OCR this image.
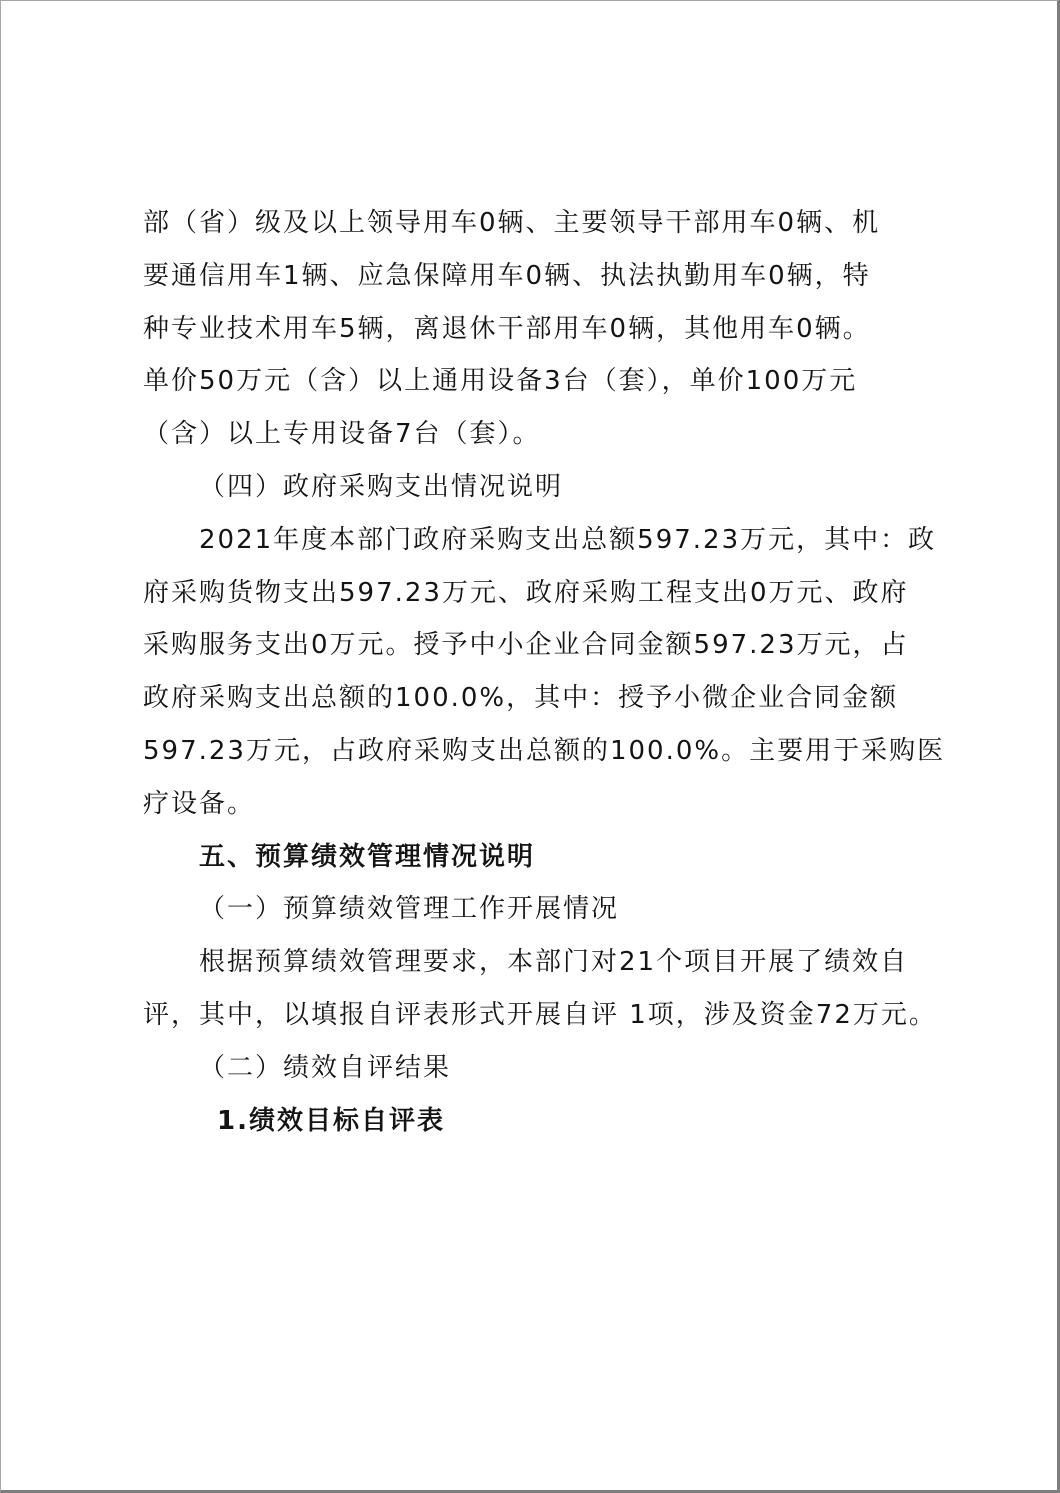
部（省）级及以上领导用车0辆、主要领导干部用车0辆、机
要通信用车1辆、应急保障用车0辆、执法执勤用车0辆，特
种专业技术用车5辆，离退休干部用车0辆，其他用车0辆。
单价50万元（含）以上通用设备3台（套），单价100万元
（含）以上专用设备7台（套）。
（四）政府采购支出情况说明
2021年度本部门政府采购支出总额597.23万元，其中：政
府采购货物支出597.23万元、政府采购工程支出0万元、政府
采购服务支出0万元。授予中小企业合同金额597.23万元，占
政府采购支出总额的100.0%，其中：授予小微企业合同金额
597.23万元，占政府采购支出总额的100.0%。主要用于采购医
疗设备。
五、预算绩效管理情况说明
（一）预算绩效管理工作开展情况
根据预算绩效管理要求，本部门对21个项目开展了绩效自
评，其中，以填报自评表形式开展自评 1项，涉及资金72万元。
（二）绩效自评结果
1.绩效目标自评表
